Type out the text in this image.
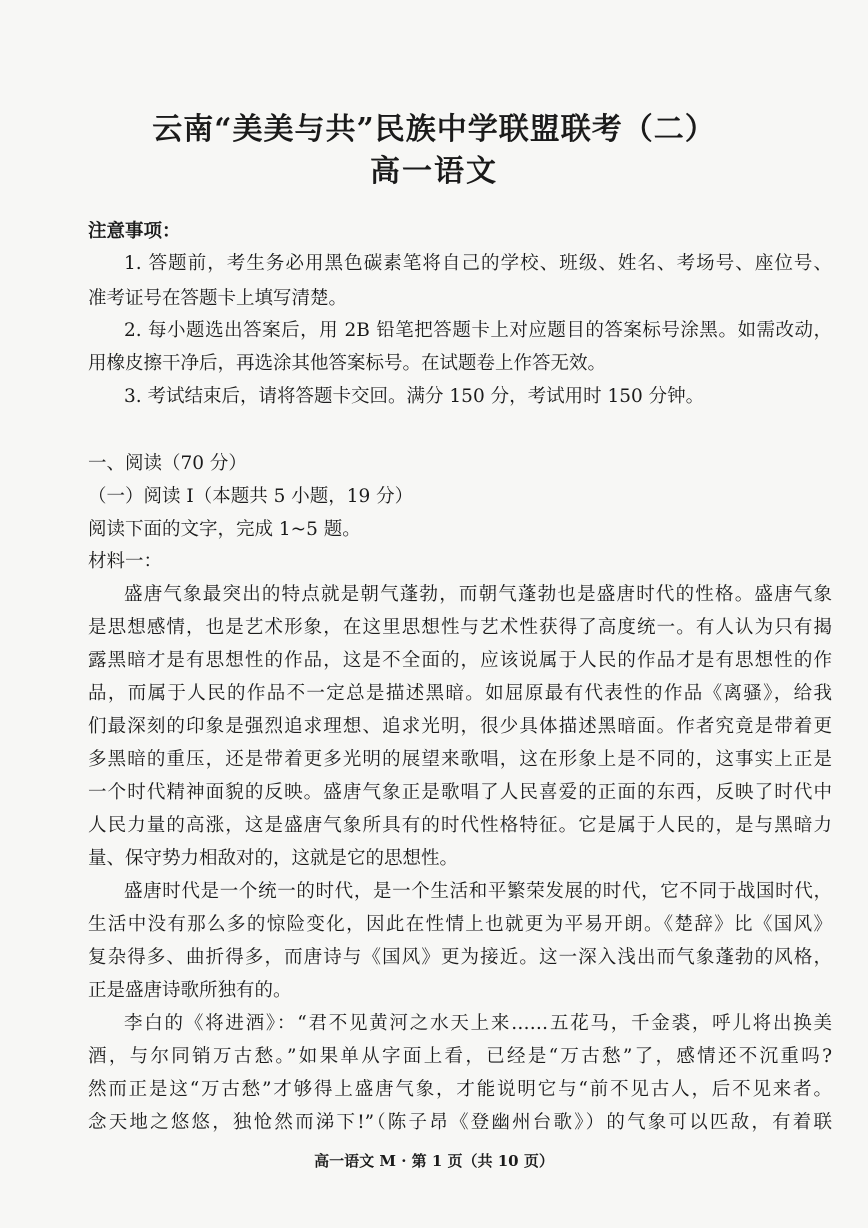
云南“美美与共”民族中学联盟联考（二）
高一语文
注意事项：
1. 答题前，考生务必用黑色碳素笔将自己的学校、班级、姓名、考场号、座位号、
准考证号在答题卡上填写清楚。
2. 每小题选出答案后，用 2B 铅笔把答题卡上对应题目的答案标号涂黑。如需改动，
用橡皮擦干净后，再选涂其他答案标号。在试题卷上作答无效。
3. 考试结束后，请将答题卡交回。满分 150 分，考试用时 150 分钟。
一、阅读（70 分）
（一）阅读 I（本题共 5 小题，19 分）
阅读下面的文字，完成 1~5 题。
材料一：
盛唐气象最突出的特点就是朝气蓬勃，而朝气蓬勃也是盛唐时代的性格。盛唐气象
是思想感情，也是艺术形象，在这里思想性与艺术性获得了高度统一。有人认为只有揭
露黑暗才是有思想性的作品，这是不全面的，应该说属于人民的作品才是有思想性的作
品，而属于人民的作品不一定总是描述黑暗。如屈原最有代表性的作品《离骚》，给我
们最深刻的印象是强烈追求理想、追求光明，很少具体描述黑暗面。作者究竟是带着更
多黑暗的重压，还是带着更多光明的展望来歌唱，这在形象上是不同的，这事实上正是
一个时代精神面貌的反映。盛唐气象正是歌唱了人民喜爱的正面的东西，反映了时代中
人民力量的高涨，这是盛唐气象所具有的时代性格特征。它是属于人民的，是与黑暗力
量、保守势力相敌对的，这就是它的思想性。
盛唐时代是一个统一的时代，是一个生活和平繁荣发展的时代，它不同于战国时代，
生活中没有那么多的惊险变化，因此在性情上也就更为平易开朗。《楚辞》比《国风》
复杂得多、曲折得多，而唐诗与《国风》更为接近。这一深入浅出而气象蓬勃的风格，
正是盛唐诗歌所独有的。
李白的《将进酒》：“君不见黄河之水天上来……五花马，千金裘，呼儿将出换美
酒，与尔同销万古愁。”如果单从字面上看，已经是“万古愁”了，感情还不沉重吗?
然而正是这“万古愁”才够得上盛唐气象，才能说明它与“前不见古人，后不见来者。
念天地之悠悠，独怆然而涕下!”（陈子昂《登幽州台歌》）的气象可以匹敌，有着联
高一语文 M · 第 1 页（共 10 页）
